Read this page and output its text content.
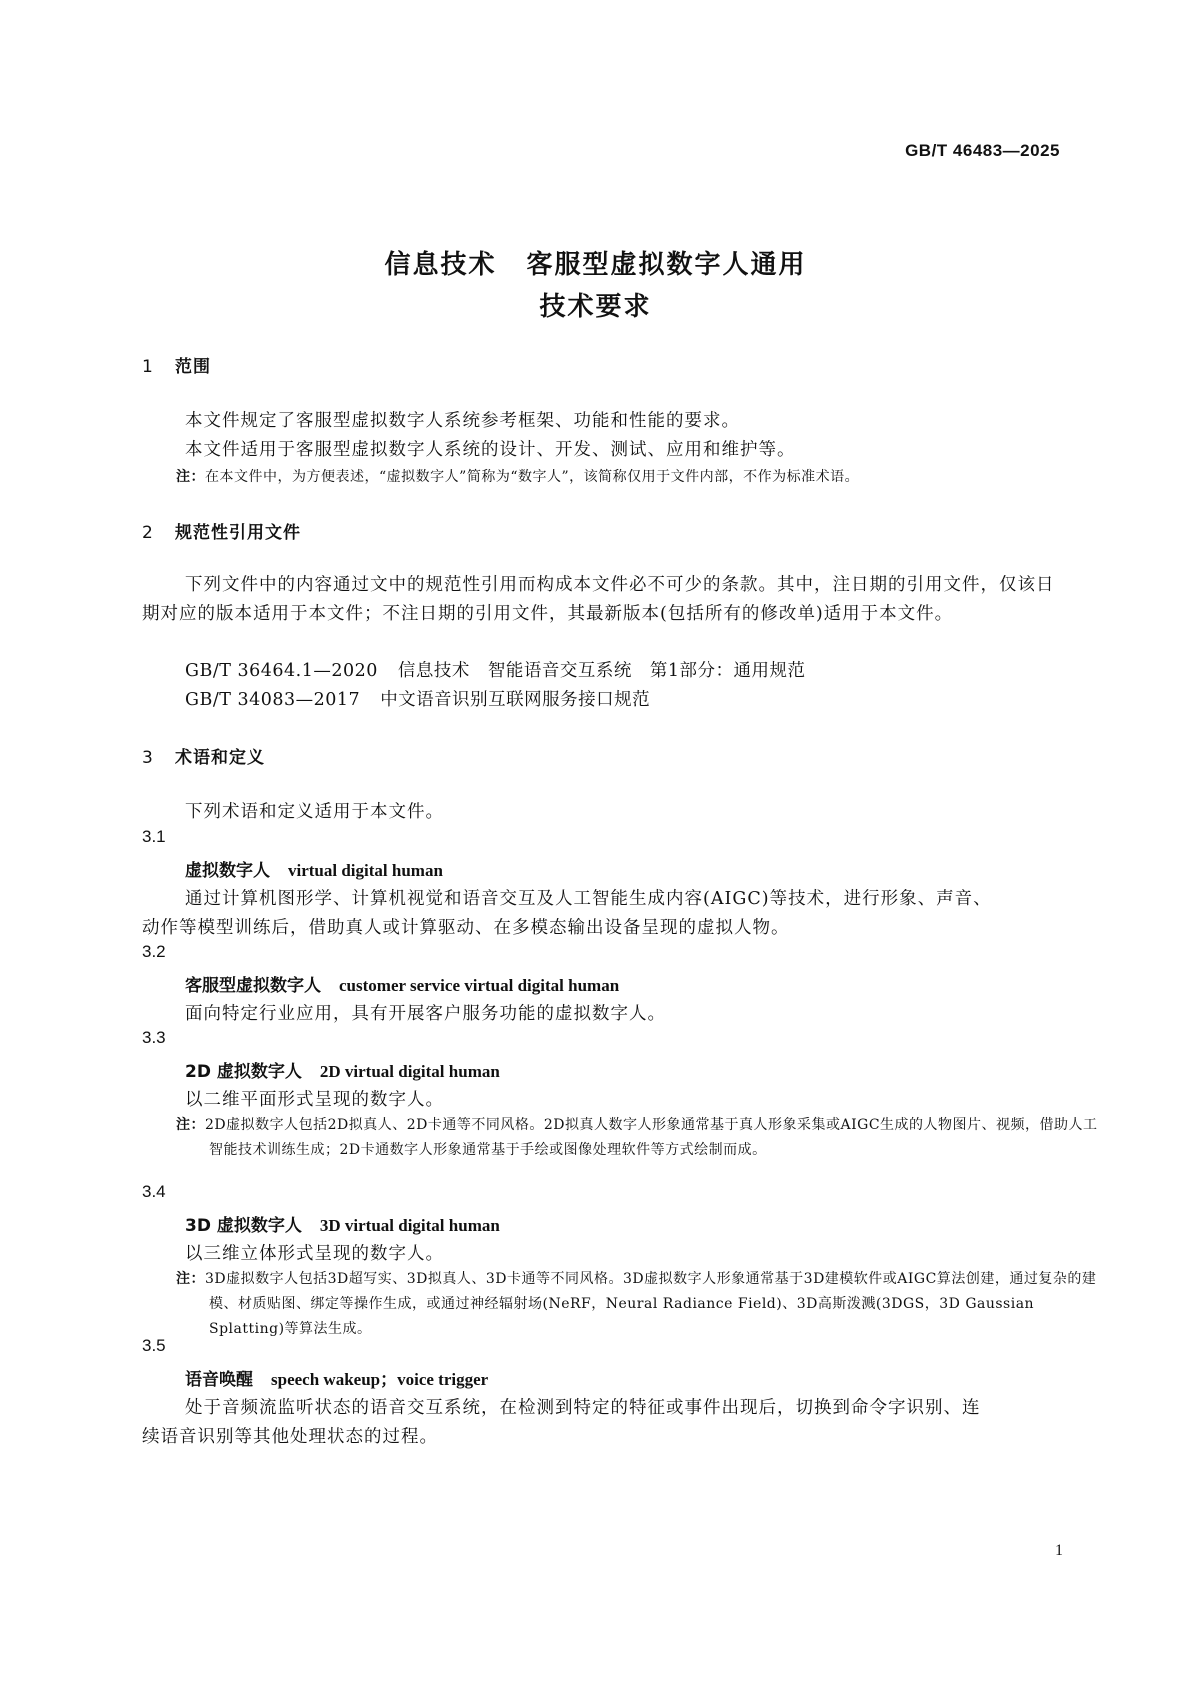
GB/T 46483—2025
信息技术 客服型虚拟数字人通用
技术要求
1 范围
本文件规定了客服型虚拟数字人系统参考框架、功能和性能的要求。
本文件适用于客服型虚拟数字人系统的设计、开发、测试、应用和维护等。
注：在本文件中，为方便表述，“虚拟数字人”简称为“数字人”，该简称仅用于文件内部，不作为标准术语。
2 规范性引用文件
下列文件中的内容通过文中的规范性引用而构成本文件必不可少的条款。其中，注日期的引用文件，仅该日期对应的版本适用于本文件；不注日期的引用文件，其最新版本(包括所有的修改单)适用于本文件。
GB/T 36464.1—2020 信息技术　智能语音交互系统　第1部分：通用规范
GB/T 34083—2017 中文语音识别互联网服务接口规范
3 术语和定义
下列术语和定义适用于本文件。
3.1
虚拟数字人 virtual digital human
通过计算机图形学、计算机视觉和语音交互及人工智能生成内容(AIGC)等技术，进行形象、声音、
动作等模型训练后，借助真人或计算驱动、在多模态输出设备呈现的虚拟人物。
3.2
客服型虚拟数字人 customer service virtual digital human
面向特定行业应用，具有开展客户服务功能的虚拟数字人。
3.3
2D 虚拟数字人 2D virtual digital human
以二维平面形式呈现的数字人。
注：2D虚拟数字人包括2D拟真人、2D卡通等不同风格。2D拟真人数字人形象通常基于真人形象采集或AIGC生成的人物图片、视频，借助人工智能技术训练生成；2D卡通数字人形象通常基于手绘或图像处理软件等方式绘制而成。
3.4
3D 虚拟数字人 3D virtual digital human
以三维立体形式呈现的数字人。
注：3D虚拟数字人包括3D超写实、3D拟真人、3D卡通等不同风格。3D虚拟数字人形象通常基于3D建模软件或AIGC算法创建，通过复杂的建模、材质贴图、绑定等操作生成，或通过神经辐射场(NeRF，Neural Radiance Field)、3D高斯泼溅(3DGS，3D Gaussian Splatting)等算法生成。
3.5
语音唤醒 speech wakeup；voice trigger
处于音频流监听状态的语音交互系统，在检测到特定的特征或事件出现后，切换到命令字识别、连
续语音识别等其他处理状态的过程。
1
